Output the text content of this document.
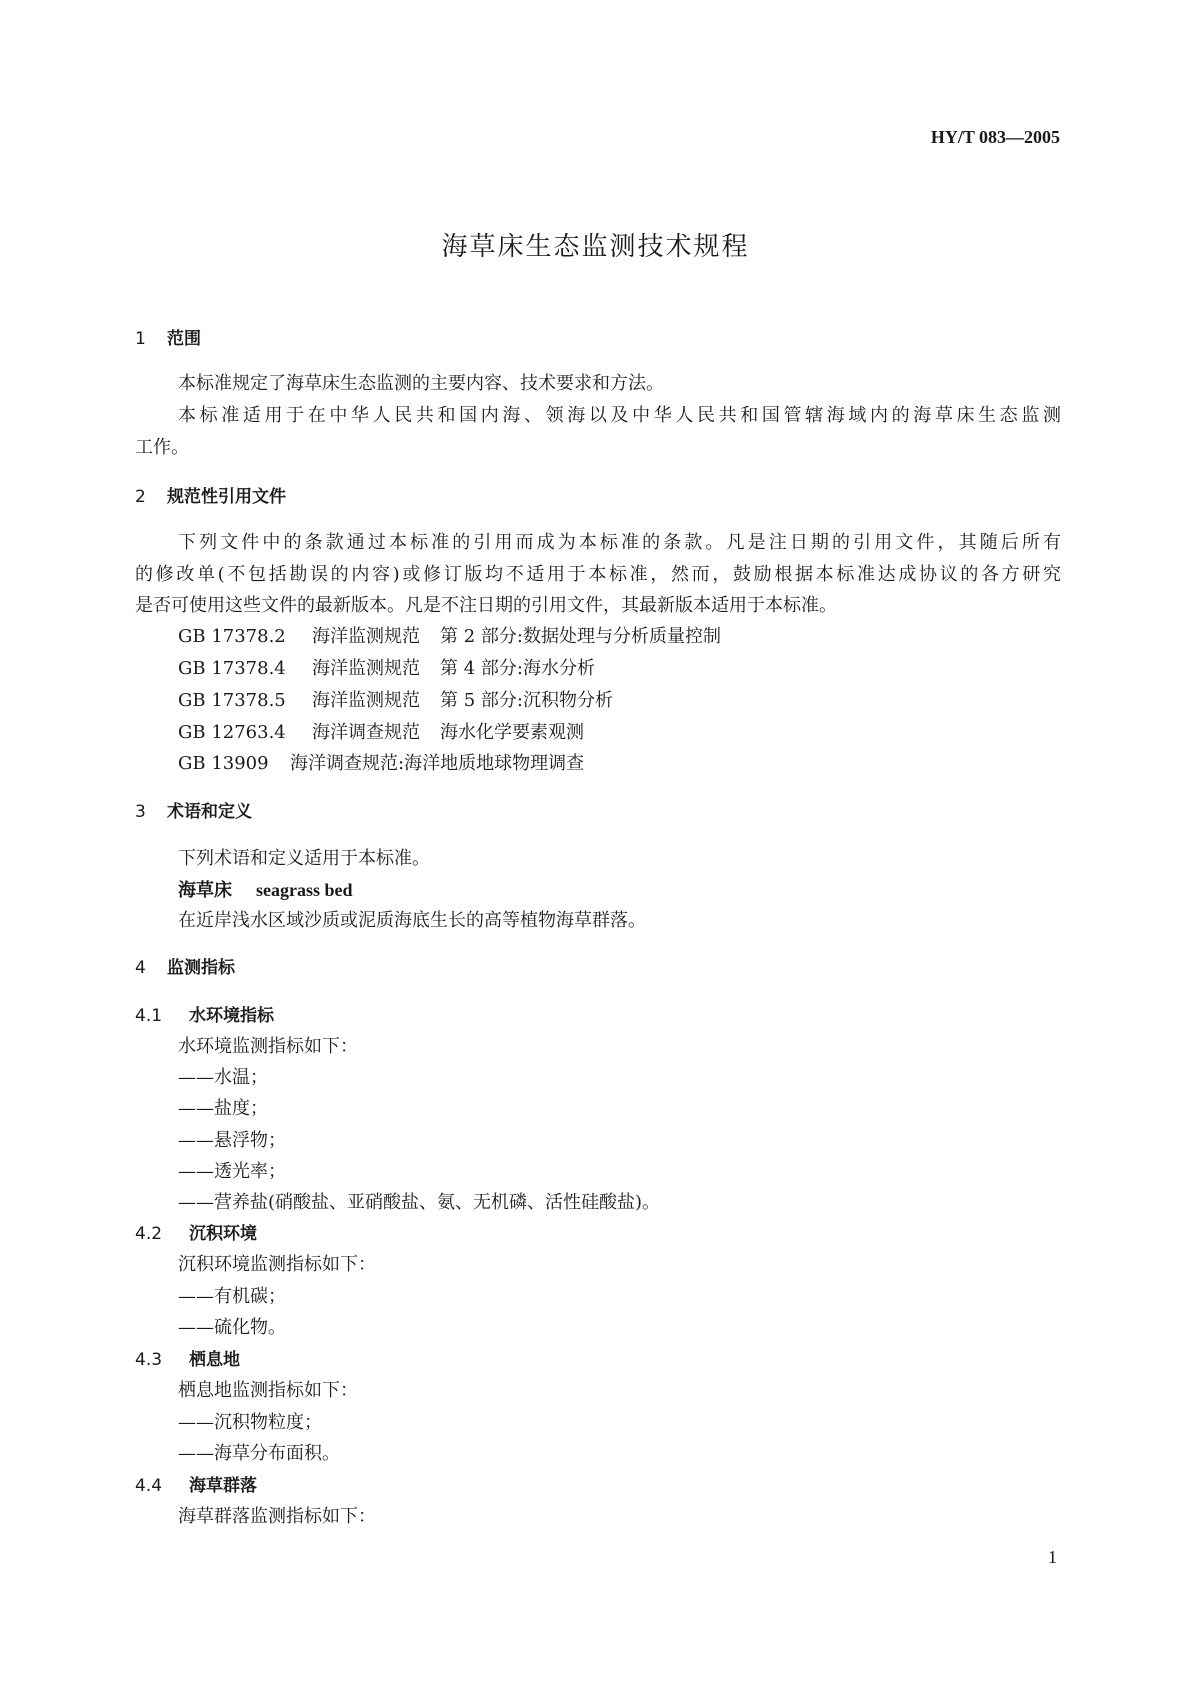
HY/T 083—2005
海草床生态监测技术规程
1 范围
本标准规定了海草床生态监测的主要内容、技术要求和方法。
本标准适用于在中华人民共和国内海、领海以及中华人民共和国管辖海域内的海草床生态监测
工作。
2 规范性引用文件
下列文件中的条款通过本标准的引用而成为本标准的条款。凡是注日期的引用文件，其随后所有
的修改单(不包括勘误的内容)或修订版均不适用于本标准，然而，鼓励根据本标准达成协议的各方研究
是否可使用这些文件的最新版本。凡是不注日期的引用文件，其最新版本适用于本标准。
GB 17378.2 海洋监测规范 第 2 部分:数据处理与分析质量控制
GB 17378.4 海洋监测规范 第 4 部分:海水分析
GB 17378.5 海洋监测规范 第 5 部分:沉积物分析
GB 12763.4 海洋调查规范 海水化学要素观测
GB 13909 海洋调查规范:海洋地质地球物理调查
3 术语和定义
下列术语和定义适用于本标准。
海草床 seagrass bed
在近岸浅水区域沙质或泥质海底生长的高等植物海草群落。
4 监测指标
4.1 水环境指标
水环境监测指标如下：
——水温；
——盐度；
——悬浮物；
——透光率；
——营养盐(硝酸盐、亚硝酸盐、氨、无机磷、活性硅酸盐)。
4.2 沉积环境
沉积环境监测指标如下：
——有机碳；
——硫化物。
4.3 栖息地
栖息地监测指标如下：
——沉积物粒度；
——海草分布面积。
4.4 海草群落
海草群落监测指标如下：
1
